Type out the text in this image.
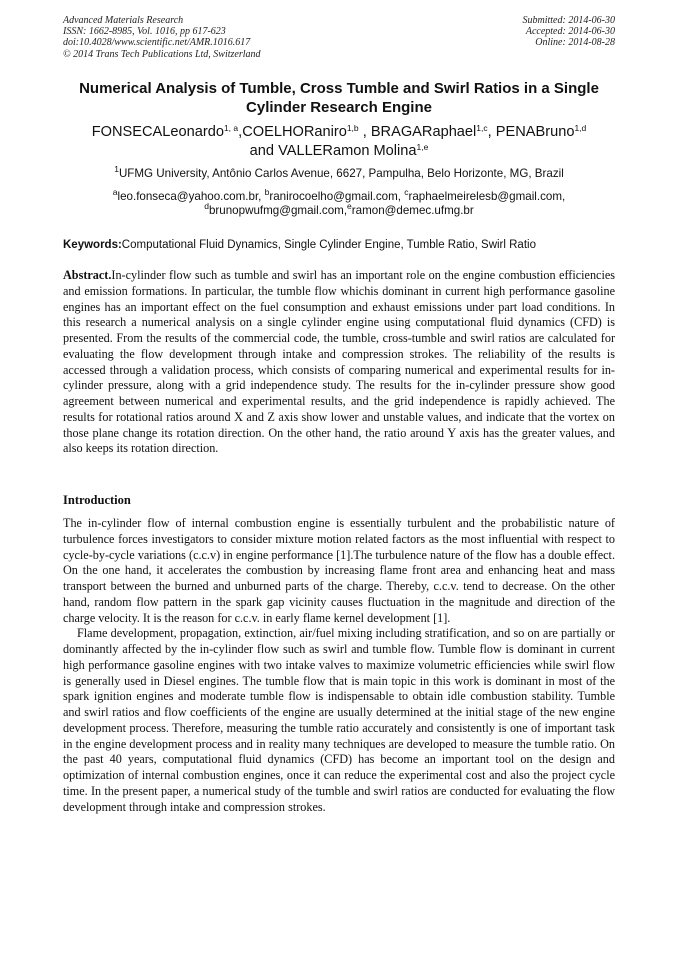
Advanced Materials Research
ISSN: 1662-8985, Vol. 1016, pp 617-623
doi:10.4028/www.scientific.net/AMR.1016.617
© 2014 Trans Tech Publications Ltd, Switzerland
Submitted: 2014-06-30
Accepted: 2014-06-30
Online: 2014-08-28
Numerical Analysis of Tumble, Cross Tumble and Swirl Ratios in a Single Cylinder Research Engine
FONSECALeonardo$^{1, a}$,COELHORaniro$^{1,b}$ , BRAGARaphael$^{1,c}$, PENABruno$^{1,d}$
and VALLERamon Molina$^{1,e}$
$^1$UFMG University, Antônio Carlos Avenue, 6627, Pampulha, Belo Horizonte, MG, Brazil
$^a$leo.fonseca@yahoo.com.br, $^b$ranirocoelho@gmail.com, $^c$raphaelmeirelesb@gmail.com,
$^d$brunopwufmg@gmail.com,$^e$ramon@demec.ufmg.br
Keywords:Computational Fluid Dynamics, Single Cylinder Engine, Tumble Ratio, Swirl Ratio
Abstract.In-cylinder flow such as tumble and swirl has an important role on the engine combustion efficiencies and emission formations. In particular, the tumble flow whichis dominant in current high performance gasoline engines has an important effect on the fuel consumption and exhaust emissions under part load conditions. In this research a numerical analysis on a single cylinder engine using computational fluid dynamics (CFD) is presented. From the results of the commercial code, the tumble, cross-tumble and swirl ratios are calculated for evaluating the flow development through intake and compression strokes. The reliability of the results is accessed through a validation process, which consists of comparing numerical and experimental results for in-cylinder pressure, along with a grid independence study. The results for the in-cylinder pressure show good agreement between numerical and experimental results, and the grid independence is rapidly achieved. The results for rotational ratios around X and Z axis show lower and unstable values, and indicate that the vortex on those plane change its rotation direction. On the other hand, the ratio around Y axis has the greater values, and also keeps its rotation direction.
Introduction

The in-cylinder flow of internal combustion engine is essentially turbulent and the probabilistic nature of turbulence forces investigators to consider mixture motion related factors as the most influential with respect to cycle-by-cycle variations (c.c.v) in engine performance [1].The turbulence nature of the flow has a double effect. On the one hand, it accelerates the combustion by increasing flame front area and enhancing heat and mass transport between the burned and unburned parts of the charge. Thereby, c.c.v. tend to decrease. On the other hand, random flow pattern in the spark gap vicinity causes fluctuation in the magnitude and direction of the charge velocity. It is the reason for c.c.v. in early flame kernel development [1].

Flame development, propagation, extinction, air/fuel mixing including stratification, and so on are partially or dominantly affected by the in-cylinder flow such as swirl and tumble flow. Tumble flow is dominant in current high performance gasoline engines with two intake valves to maximize volumetric efficiencies while swirl flow is generally used in Diesel engines. The tumble flow that is main topic in this work is dominant in most of the spark ignition engines and moderate tumble flow is indispensable to obtain idle combustion stability. Tumble and swirl ratios and flow coefficients of the engine are usually determined at the initial stage of the new engine development process. Therefore, measuring the tumble ratio accurately and consistently is one of important task in the engine development process and in reality many techniques are developed to measure the tumble ratio. On the past 40 years, computational fluid dynamics (CFD) has become an important tool on the design and optimization of internal combustion engines, once it can reduce the experimental cost and also the project cycle time. In the present paper, a numerical study of the tumble and swirl ratios are conducted for evaluating the flow development through intake and compression strokes.
